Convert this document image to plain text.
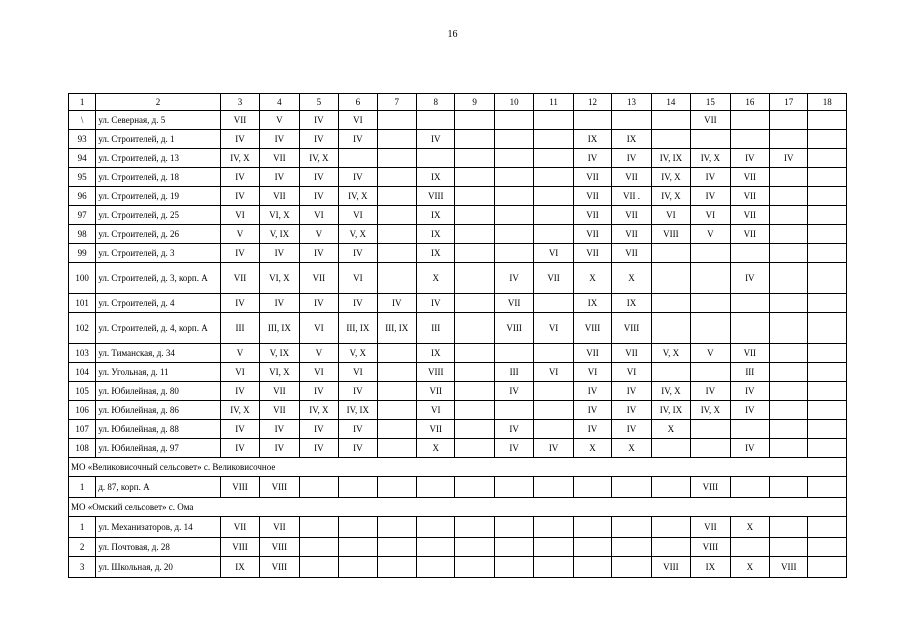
16
1	2	3	4	5	6	7	8	9	10	11	12	13	14	15	16	17	18
\	ул. Северная, д. 5	VII	V	IV	VI									VII			
93	ул. Строителей, д. 1	IV	IV	IV	IV		IV				IX	IX					
94	ул. Строителей, д. 13	IV, X	VII	IV, X							IV	IV	IV, IX	IV, X	IV	IV	
95	ул. Строителей, д. 18	IV	IV	IV	IV		IX				VII	VII	IV, X	IV	VII		
96	ул. Строителей, д. 19	IV	VII	IV	IV, X		VIII				VII	VII .	IV, X	IV	VII		
97	ул. Строителей, д. 25	VI	VI, X	VI	VI		IX				VII	VII	VI	VI	VII		
98	ул. Строителей, д. 26	V	V, IX	V	V, X		IX				VII	VII	VIII	V	VII		
99	ул. Строителей, д. 3	IV	IV	IV	IV		IX			VI	VII	VII					
100	ул. Строителей, д. 3, корп. А	VII	VI, X	VII	VI		X		IV	VII	X	X			IV		
101	ул. Строителей, д. 4	IV	IV	IV	IV	IV	IV		VII		IX	IX					
102	ул. Строителей, д. 4, корп. А	III	III, IX	VI	III, IX	III, IX	III		VIII	VI	VIII	VIII					
103	ул. Тиманская, д. 34	V	V, IX	V	V, X		IX				VII	VII	V, X	V	VII		
104	ул. Угольная, д. 11	VI	VI, X	VI	VI		VIII		III	VI	VI	VI			III		
105	ул. Юбилейная, д. 80	IV	VII	IV	IV		VII		IV		IV	IV	IV, X	IV	IV		
106	ул. Юбилейная, д. 86	IV, X	VII	IV, X	IV, IX		VI				IV	IV	IV, IX	IV, X	IV		
107	ул. Юбилейная, д. 88	IV	IV	IV	IV		VII		IV		IV	IV	X				
108	ул. Юбилейная, д. 97	IV	IV	IV	IV		X		IV	IV	X	X			IV		
МО «Великовисочный сельсовет» с. Великовисочное																	
1	д. 87, корп. А	VIII	VIII											VIII			
МО «Омский сельсовет» с. Ома																	
1	ул. Механизаторов, д. 14	VII	VII											VII	X		
2	ул. Почтовая, д. 28	VIII	VIII											VIII			
3	ул. Школьная, д. 20	IX	VIII										VIII	IX	X	VIII	
